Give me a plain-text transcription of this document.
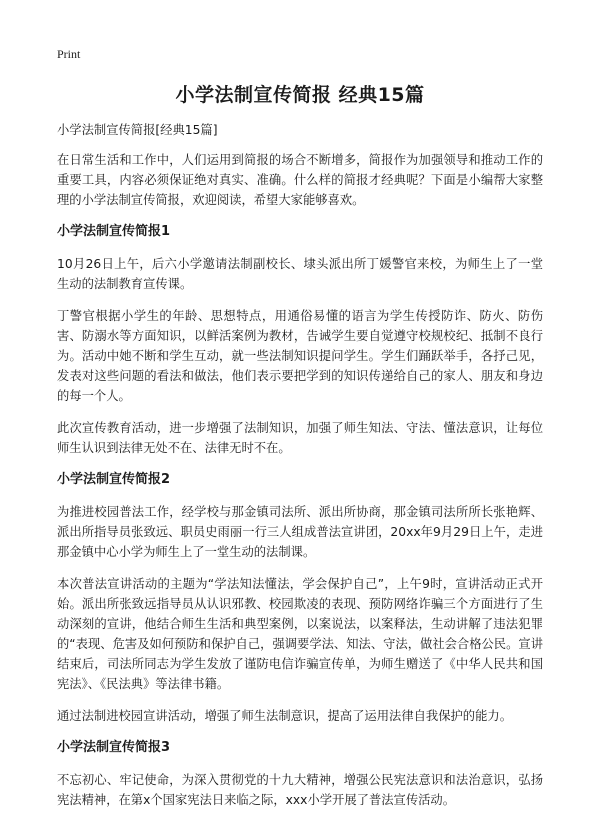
Print
小学法制宣传简报 经典15篇

小学法制宣传简报[经典15篇]

在日常生活和工作中，人们运用到简报的场合不断增多，简报作为加强领导和推动工作的重要工具，内容必须保证绝对真实、准确。什么样的简报才经典呢？下面是小编帮大家整理的小学法制宣传简报，欢迎阅读，希望大家能够喜欢。

小学法制宣传简报1

10月26日上午，后六小学邀请法制副校长、埭头派出所丁媛警官来校，为师生上了一堂生动的法制教育宣传课。

丁警官根据小学生的年龄、思想特点，用通俗易懂的语言为学生传授防诈、防火、防伤害、防溺水等方面知识，以鲜活案例为教材，告诫学生要自觉遵守校规校纪、抵制不良行为。活动中她不断和学生互动，就一些法制知识提问学生。学生们踊跃举手，各抒己见，发表对这些问题的看法和做法，他们表示要把学到的知识传递给自己的家人、朋友和身边的每一个人。

此次宣传教育活动，进一步增强了法制知识，加强了师生知法、守法、懂法意识，让每位师生认识到法律无处不在、法律无时不在。

小学法制宣传简报2

为推进校园普法工作，经学校与那金镇司法所、派出所协商，那金镇司法所所长张艳辉、派出所指导员张致远、职员史雨丽一行三人组成普法宣讲团，20xx年9月29日上午，走进那金镇中心小学为师生上了一堂生动的法制课。

本次普法宣讲活动的主题为“学法知法懂法，学会保护自己”，上午9时，宣讲活动正式开始。派出所张致远指导员从认识邪教、校园欺凌的表现、预防网络诈骗三个方面进行了生动深刻的宣讲，他结合师生生活和典型案例，以案说法，以案释法，生动讲解了违法犯罪的“表现、危害及如何预防和保护自己，强调要学法、知法、守法，做社会合格公民。宣讲结束后，司法所同志为学生发放了谨防电信诈骗宣传单，为师生赠送了《中华人民共和国宪法》、《民法典》等法律书籍。

通过法制进校园宣讲活动，增强了师生法制意识，提高了运用法律自我保护的能力。

小学法制宣传简报3

不忘初心、牢记使命，为深入贯彻党的十九大精神，增强公民宪法意识和法治意识，弘扬宪法精神，在第x个国家宪法日来临之际，xxx小学开展了普法宣传活动。
